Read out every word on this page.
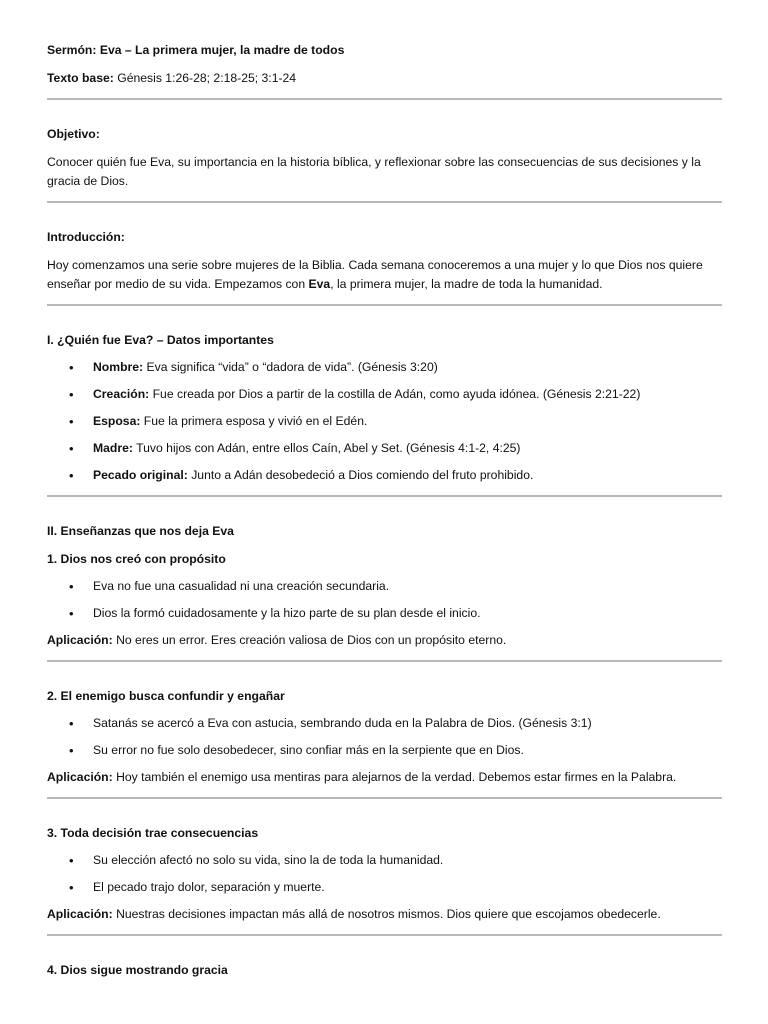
Sermón: Eva – La primera mujer, la madre de todos

Texto base: Génesis 1:26-28; 2:18-25; 3:1-24

Objetivo:

Conocer quién fue Eva, su importancia en la historia bíblica, y reflexionar sobre las consecuencias de sus decisiones y la gracia de Dios.

Introducción:

Hoy comenzamos una serie sobre mujeres de la Biblia. Cada semana conoceremos a una mujer y lo que Dios nos quiere enseñar por medio de su vida. Empezamos con Eva, la primera mujer, la madre de toda la humanidad.

I. ¿Quién fue Eva? – Datos importantes

• Nombre: Eva significa “vida” o “dadora de vida”. (Génesis 3:20)
• Creación: Fue creada por Dios a partir de la costilla de Adán, como ayuda idónea. (Génesis 2:21-22)
• Esposa: Fue la primera esposa y vivió en el Edén.
• Madre: Tuvo hijos con Adán, entre ellos Caín, Abel y Set. (Génesis 4:1-2, 4:25)
• Pecado original: Junto a Adán desobedeció a Dios comiendo del fruto prohibido.

II. Enseñanzas que nos deja Eva

1. Dios nos creó con propósito

• Eva no fue una casualidad ni una creación secundaria.
• Dios la formó cuidadosamente y la hizo parte de su plan desde el inicio.

Aplicación: No eres un error. Eres creación valiosa de Dios con un propósito eterno.

2. El enemigo busca confundir y engañar

• Satanás se acercó a Eva con astucia, sembrando duda en la Palabra de Dios. (Génesis 3:1)
• Su error no fue solo desobedecer, sino confiar más en la serpiente que en Dios.

Aplicación: Hoy también el enemigo usa mentiras para alejarnos de la verdad. Debemos estar firmes en la Palabra.

3. Toda decisión trae consecuencias

• Su elección afectó no solo su vida, sino la de toda la humanidad.
• El pecado trajo dolor, separación y muerte.

Aplicación: Nuestras decisiones impactan más allá de nosotros mismos. Dios quiere que escojamos obedecerle.

4. Dios sigue mostrando gracia
